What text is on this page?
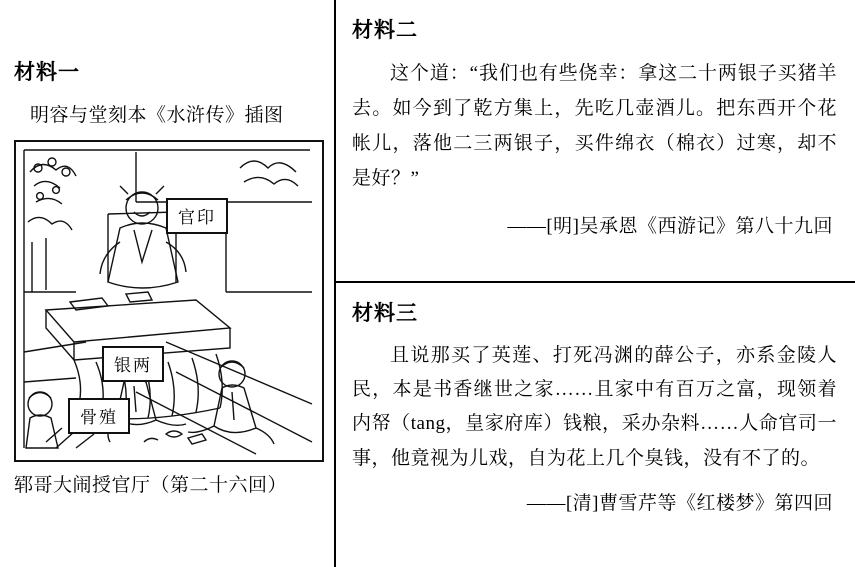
材料一
明容与堂刻本《水浒传》插图
官印
银两
骨殖
郓哥大闹授官厅（第二十六回）
材料二
这个道：“我们也有些侥幸：拿这二十两银子买猪羊去。如今到了乾方集上，先吃几壶酒儿。把东西开个花帐儿，落他二三两银子，买件绵衣（棉衣）过寒，却不是好？”
——[明]吴承恩《西游记》第八十九回
材料三
且说那买了英莲、打死冯渊的薛公子，亦系金陵人民，本是书香继世之家……且家中有百万之富，现领着内帑（tang，皇家府库）钱粮，采办杂料……人命官司一事，他竟视为儿戏，自为花上几个臭钱，没有不了的。
——[清]曹雪芹等《红楼梦》第四回
